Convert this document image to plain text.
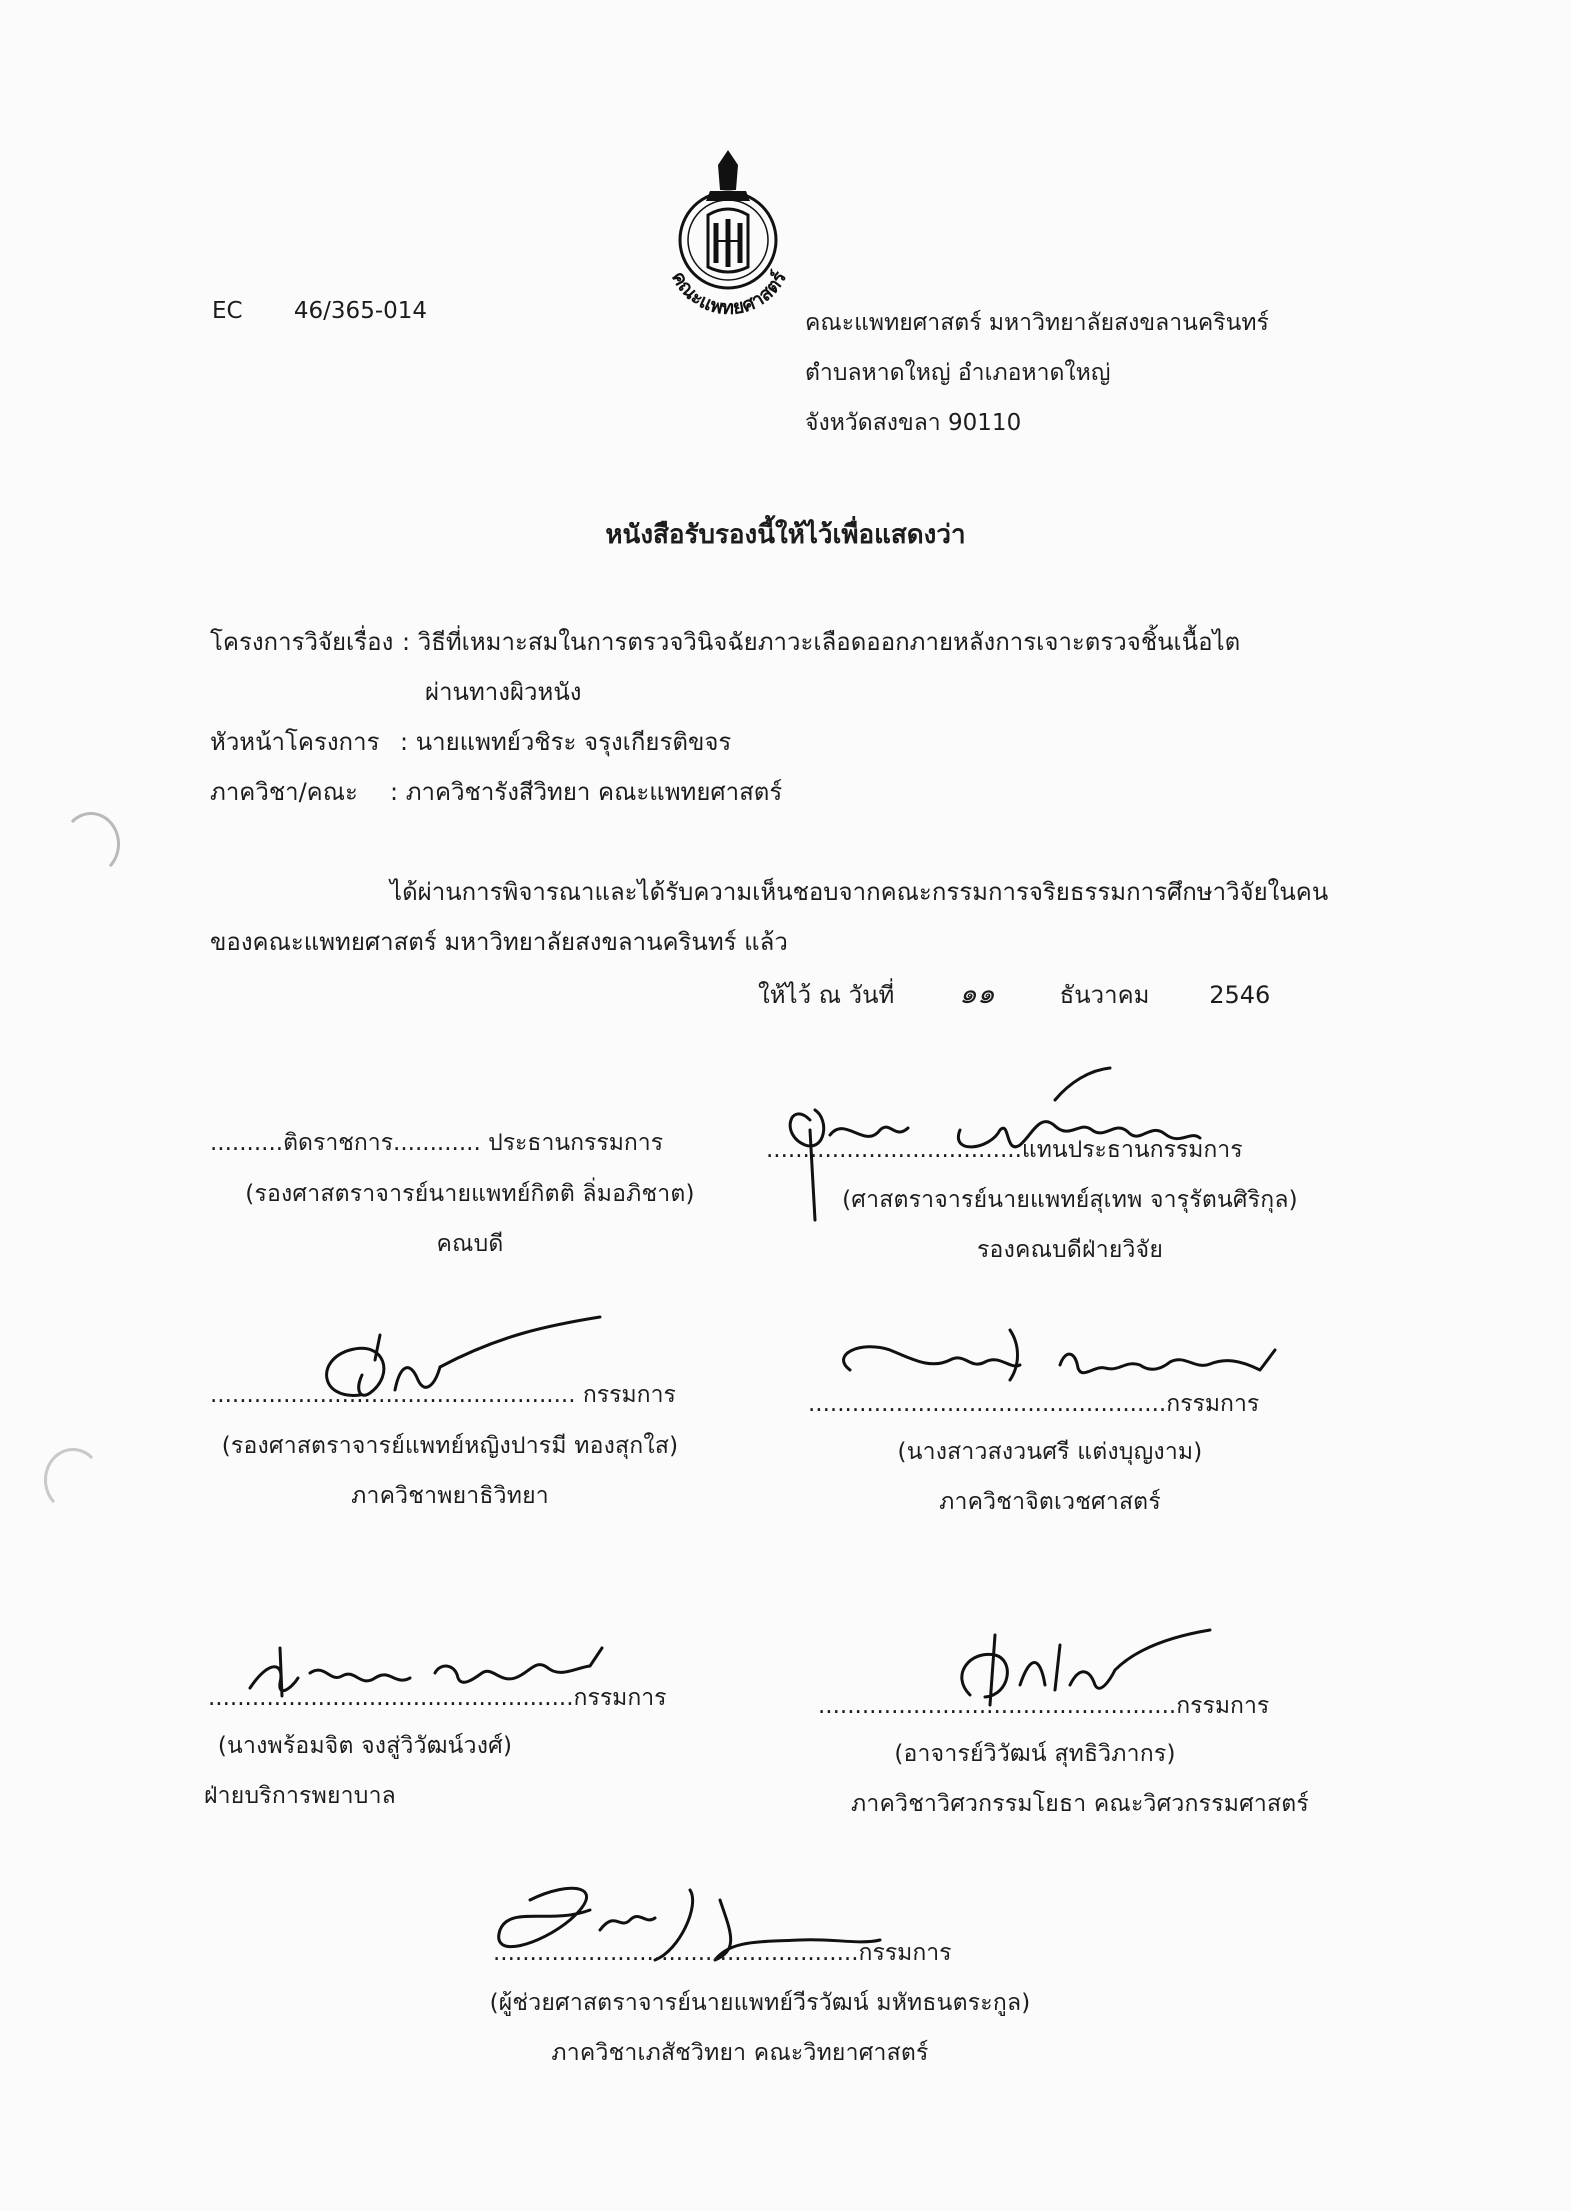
คณะแพทยศาสตร์
EC 46/365-014	คณะแพทยศาสตร์ มหาวิทยาลัยสงขลานครินทร์
ตำบลหาดใหญ่ อำเภอหาดใหญ่
จังหวัดสงขลา 90110
หนังสือรับรองนี้ให้ไว้เพื่อแสดงว่า
โครงการวิจัยเรื่อง : วิธีที่เหมาะสมในการตรวจวินิจฉัยภาวะเลือดออกภายหลังการเจาะตรวจชิ้นเนื้อไต
ผ่านทางผิวหนัง
หัวหน้าโครงการ : นายแพทย์วชิระ จรุงเกียรติขจร
ภาควิชา/คณะ : ภาควิชารังสีวิทยา คณะแพทยศาสตร์
ได้ผ่านการพิจารณาและได้รับความเห็นชอบจากคณะกรรมการจริยธรรมการศึกษาวิจัยในคน
ของคณะแพทยศาสตร์ มหาวิทยาลัยสงขลานครินทร์ แล้ว
ให้ไว้ ณ วันที่ ๑๑	ธันวาคม 2546
..........ติดราชการ............ ประธานกรรมการ
(รองศาสตราจารย์นายแพทย์กิตติ ลิ่มอภิชาต)
คณบดี
...................................แทนประธานกรรมการ
(ศาสตราจารย์นายแพทย์สุเทพ จารุรัตนศิริกุล)
รองคณบดีฝ่ายวิจัย
.................................................. กรรมการ
(รองศาสตราจารย์แพทย์หญิงปารมี ทองสุกใส)
ภาควิชาพยาธิวิทยา
.................................................กรรมการ
(นางสาวสงวนศรี แต่งบุญงาม)
ภาควิชาจิตเวชศาสตร์
..................................................กรรมการ
(นางพร้อมจิต จงสู่วิวัฒน์วงศ์)
ฝ่ายบริการพยาบาล
.................................................กรรมการ
(อาจารย์วิวัฒน์ สุทธิวิภากร)
ภาควิชาวิศวกรรมโยธา คณะวิศวกรรมศาสตร์
..................................................กรรมการ
(ผู้ช่วยศาสตราจารย์นายแพทย์วีรวัฒน์ มหัทธนตระกูล)
ภาควิชาเภสัชวิทยา คณะวิทยาศาสตร์
